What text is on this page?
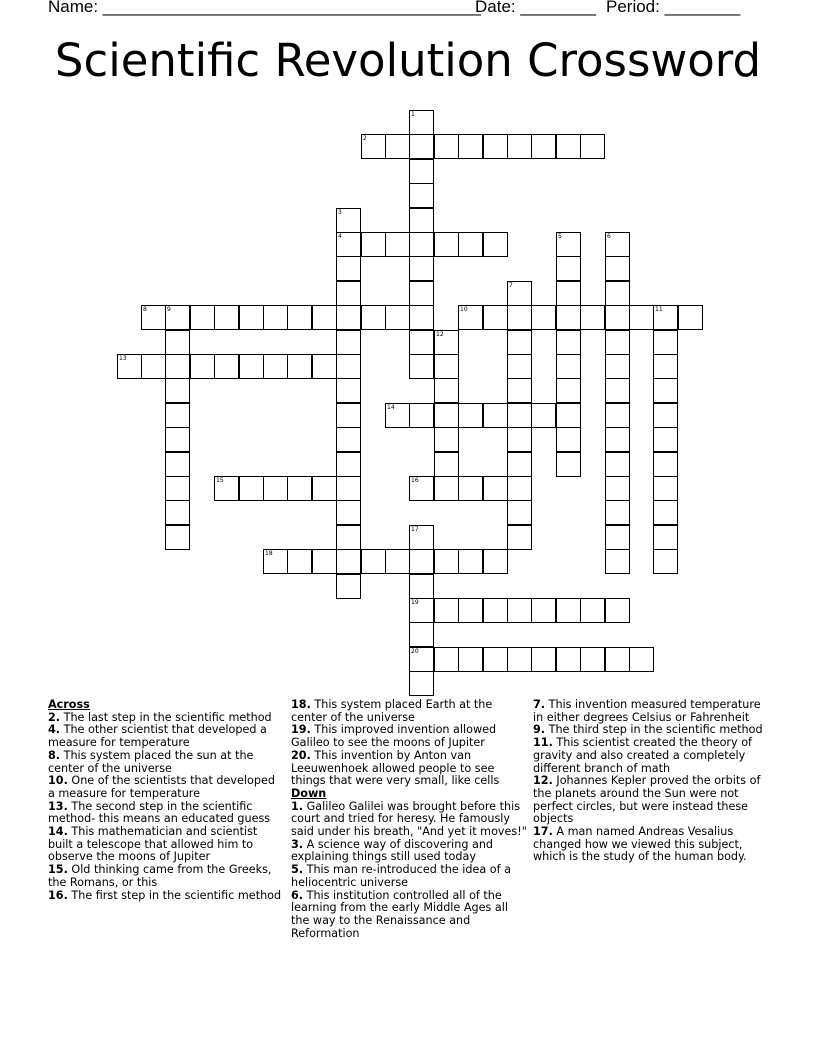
Name: ________________________________________
Date: ________ Period: ________
Scientific Revolution Crossword
1
2
3
4	5	6
7
8	9	10	11
12
13
14
15	16
17
19
20
18

Across

2. The last step in the scientific method

4. The other scientist that developed a measure for temperature

8. This system placed the sun at the center of the universe

10. One of the scientists that developed a measure for temperature

13. The second step in the scientific method- this means an educated guess

14. This mathematician and scientist built a telescope that allowed him to observe the moons of Jupiter

15. Old thinking came from the Greeks, the Romans, or this

16. The first step in the scientific method

18. This system placed Earth at the center of the universe

19. This improved invention allowed Galileo to see the moons of Jupiter

20. This invention by Anton van Leeuwenhoek allowed people to see things that were very small, like cells

Down

1. Galileo Galilei was brought before this court and tried for heresy. He famously said under his breath, "And yet it moves!"

3. A science way of discovering and explaining things still used today

5. This man re-introduced the idea of a heliocentric universe

6. This institution controlled all of the learning from the early Middle Ages all the way to the Renaissance and Reformation

7. This invention measured temperature in either degrees Celsius or Fahrenheit

9. The third step in the scientific method

11. This scientist created the theory of gravity and also created a completely different branch of math

12. Johannes Kepler proved the orbits of the planets around the Sun were not perfect circles, but were instead these objects

17. A man named Andreas Vesalius changed how we viewed this subject, which is the study of the human body.
